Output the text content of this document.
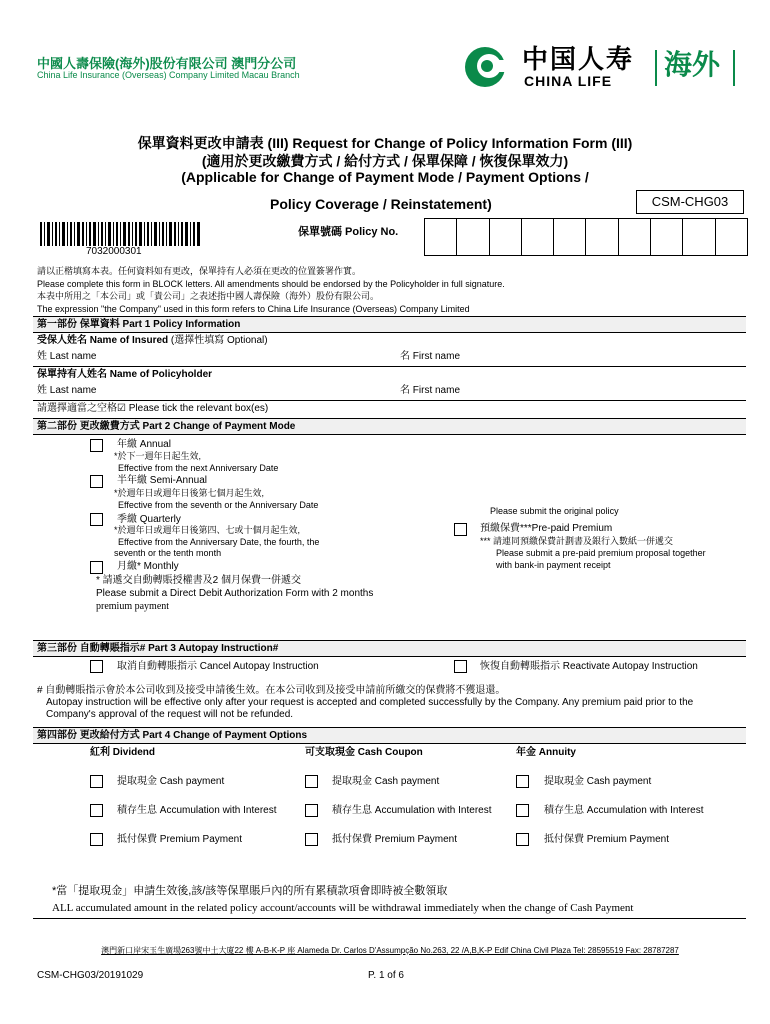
中國人壽保險(海外)股份有限公司 澳門分公司
China Life Insurance (Overseas) Company Limited Macau Branch
中国人寿
CHINA LIFE
海外
保單資料更改申請表 (III) Request for Change of Policy Information Form (III)
(適用於更改繳費方式 / 給付方式 / 保單保障 / 恢復保單效力)
(Applicable for Change of Payment Mode / Payment Options /
Policy Coverage / Reinstatement)	CSM-CHG03
7032000301
保單號碼 Policy No.
請以正楷填寫本表。任何資料如有更改，保單持有人必須在更改的位置簽署作實。
Please complete this form in BLOCK letters. All amendments should be endorsed by the Policyholder in full signature.
本表中所用之「本公司」或「貴公司」之表述指中國人壽保險（海外）股份有限公司。
The expression "the Company" used in this form refers to China Life Insurance (Overseas) Company Limited
第一部份 保單資料 Part 1 Policy Information
受保人姓名 Name of Insured (選擇性填寫 Optional)
姓 Last name	名 First name
保單持有人姓名 Name of Policyholder
姓 Last name	名 First name
請選擇適當之空格☑ Please tick the relevant box(es)
第二部份 更改繳費方式 Part 2 Change of Payment Mode
年繳 Annual
*於下一週年日起生效,
Effective from the next Anniversary Date
半年繳 Semi-Annual
*於週年日或週年日後第七個月起生效,
Effective from the seventh or the Anniversary Date
季繳 Quarterly
*於週年日或週年日後第四、七或十個月起生效,
Effective from the Anniversary Date, the fourth, the
seventh or the tenth month
月繳* Monthly
* 請遞交自動轉賬授權書及2 個月保費一併遞交
Please submit a Direct Debit Authorization Form with 2 months
premium payment
Please submit the original policy
預繳保費***Pre-paid Premium
*** 請連同預繳保費計劃書及銀行入數紙一併遞交
Please submit a pre-paid premium proposal together
with bank-in payment receipt
第三部份 自動轉賬指示# Part 3 Autopay Instruction#
取消自動轉賬指示 Cancel Autopay Instruction	恢復自動轉賬指示 Reactivate Autopay Instruction
# 自動轉賬指示會於本公司收到及接受申請後生效。在本公司收到及接受申請前所繳交的保費將不獲退還。
Autopay instruction will be effective only after your request is accepted and completed successfully by the Company. Any premium paid prior to the
Company's approval of the request will not be refunded.
第四部份 更改給付方式 Part 4 Change of Payment Options
紅利 Dividend	可支取現金 Cash Coupon	年金 Annuity
提取現金 Cash payment	提取現金 Cash payment	提取現金 Cash payment
積存生息 Accumulation with Interest	積存生息 Accumulation with Interest	積存生息 Accumulation with Interest
抵付保費 Premium Payment	抵付保費 Premium Payment	抵付保費 Premium Payment
*當「提取現金」申請生效後,該/該等保單賬戶內的所有累積款項會即時被全數領取
ALL accumulated amount in the related policy account/accounts will be withdrawal immediately when the change of Cash Payment
澳門新口岸宋玉生廣場263號中土大廈22 樓 A-B-K-P 座 Alameda Dr. Carlos D'Assumpção No.263, 22 /A,B,K-P Edif China Civil Plaza Tel: 28595519 Fax: 28787287
CSM-CHG03/20191029	P. 1 of 6
